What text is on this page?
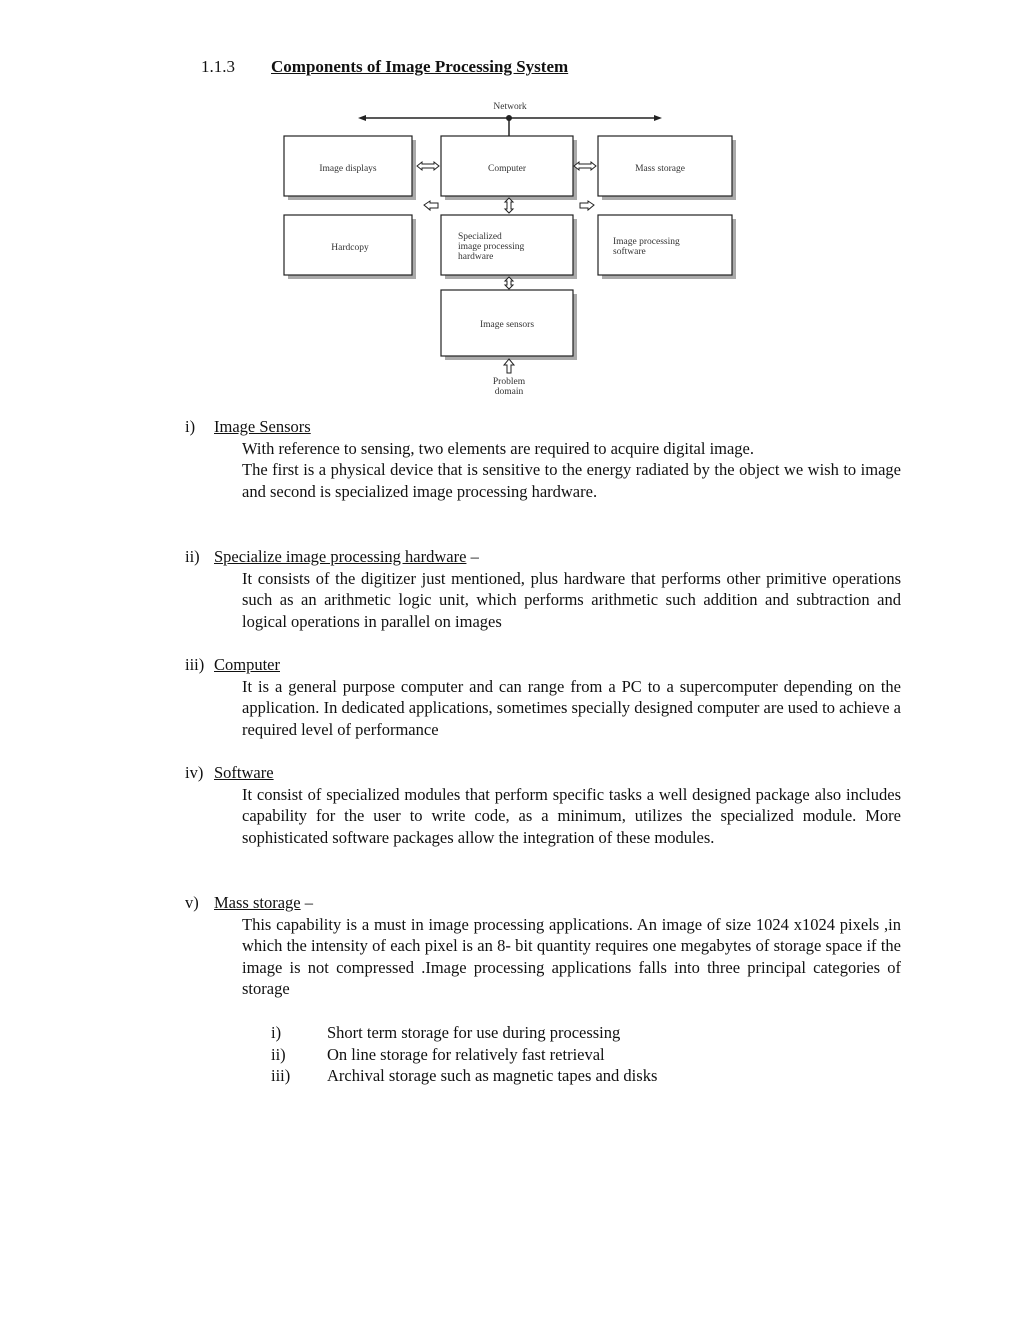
1.1.3 Components of Image Processing System
Network
Image displays	Computer	Mass storage
Hardcopy
Specialized
image processing
hardware
Image processing
software
Image sensors
Problem
domain
i) Image Sensors

With reference to sensing, two elements are required to acquire digital image.

The first is a physical device that is sensitive to the energy radiated by the object we wish to image and second is specialized image processing hardware.

ii) Specialize image processing hardware –

It consists of the digitizer just mentioned, plus hardware that performs other primitive operations such as an arithmetic logic unit, which performs arithmetic such addition and subtraction and logical operations in parallel on images

iii) Computer

It is a general purpose computer and can range from a PC to a supercomputer depending on the application. In dedicated applications, sometimes specially designed computer are used to achieve a required level of performance

iv) Software

It consist of specialized modules that perform specific tasks a well designed package also includes capability for the user to write code, as a minimum, utilizes the specialized module. More sophisticated software packages allow the integration of these modules.

v) Mass storage –

This capability is a must in image processing applications. An image of size 1024 x1024 pixels ,in which the intensity of each pixel is an 8- bit quantity requires one megabytes of storage space if the image is not compressed .Image processing applications falls into three principal categories of storage

i)	Short term storage for use during processing
ii)	On line storage for relatively fast retrieval
iii)	Archival storage such as magnetic tapes and disks
